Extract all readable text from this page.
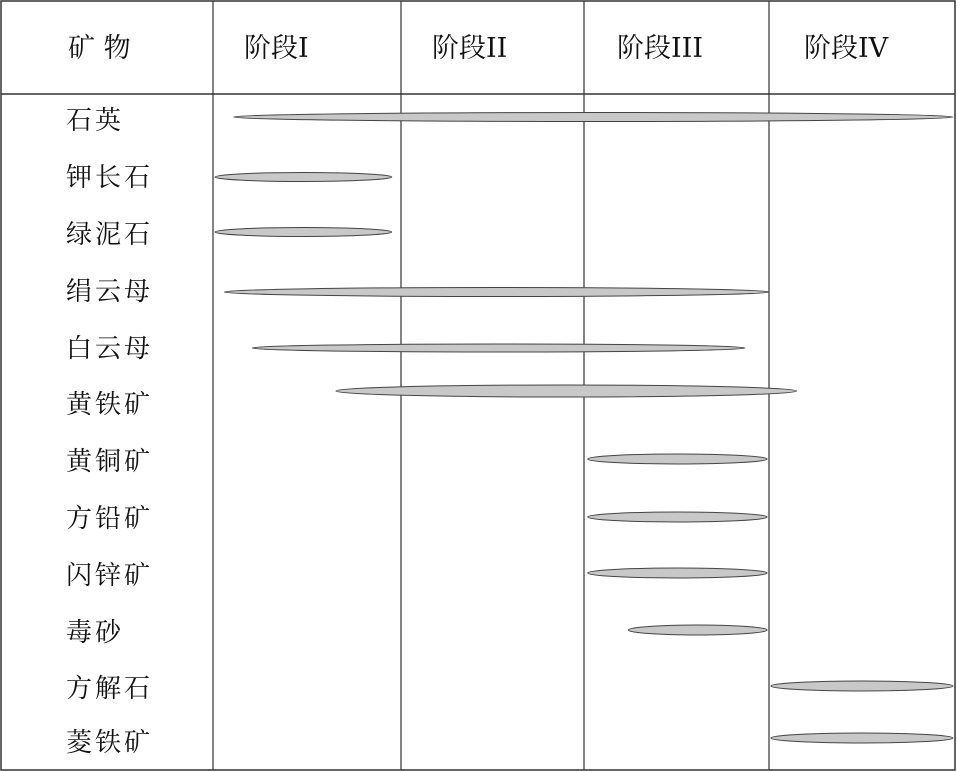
矿 物	阶段I	阶段II	阶段III	阶段IV
石英
钾长石
绿泥石
绢云母
白云母
黄铁矿
黄铜矿
方铅矿
闪锌矿
毒砂
方解石
菱铁矿
